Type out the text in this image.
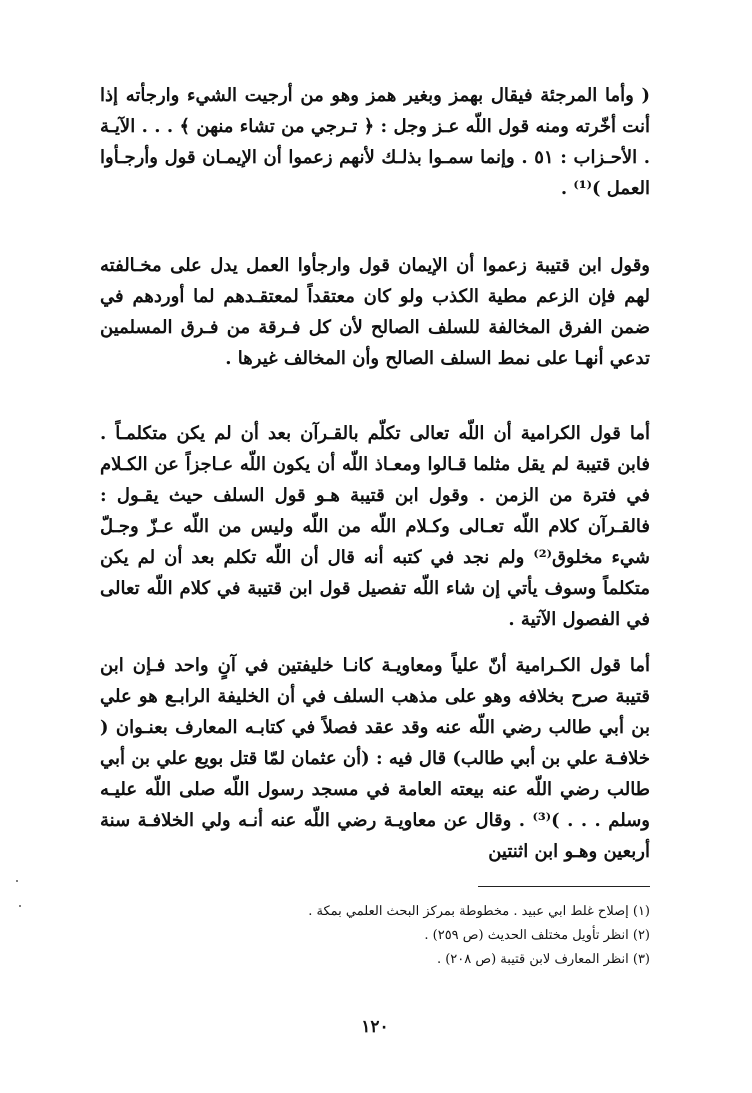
( وأما المرجئة فيقال بهمز وبغير همز وهو من أرجيت الشيء وارجأته إذا أنت أخّرته ومنه قول اللّه عـز وجل : ﴿ تـرجي من تشاء منهن ﴾ . . . الآيـة . الأحـزاب : ٥١ . وإنما سمـوا بذلـك لأنهم زعموا أن الإيمـان قول وأرجـأوا العمل )⁽¹⁾ .

وقول ابن قتيبة زعموا أن الإيمان قول وارجأوا العمل يدل على مخـالفته لهم فإن الزعم مطية الكذب ولو كان معتقداً لمعتقـدهم لما أوردهم في ضمن الفرق المخالفة للسلف الصالح لأن كل فـرقة من فـرق المسلمين تدعي أنهـا على نمط السلف الصالح وأن المخالف غيرها .

أما قول الكرامية أن اللّه تعالى تكلّم بالقـرآن بعد أن لم يكن متكلمـاً . فابن قتيبة لم يقل مثلما قـالوا ومعـاذ اللّه أن يكون اللّه عـاجزاً عن الكـلام في فترة من الزمن . وقول ابن قتيبة هـو قول السلف حيث يقـول : فالقـرآن كلام اللّه تعـالى وكـلام اللّه من اللّه وليس من اللّه عـزّ وجـلّ شيء مخلوق⁽²⁾ ولم نجد في كتبه أنه قال أن اللّه تكلم بعد أن لم يكن متكلماً وسوف يأتي إن شاء اللّه تفصيل قول ابن قتيبة في كلام اللّه تعالى في الفصول الآتية .

أما قول الكـرامية أنّ علياً ومعاويـة كانـا خليفتين في آنٍ واحد فـإن ابن قتيبة صرح بخلافه وهو على مذهب السلف في أن الخليفة الرابـع هو علي بن أبي طالب رضي اللّه عنه وقد عقد فصلاً في كتابـه المعارف بعنـوان ( خلافـة علي بن أبي طالب) قال فيه : (أن عثمان لمّا قتل بويع علي بن أبي طالب رضي اللّه عنه بيعته العامة في مسجد رسول اللّه صلى اللّه عليـه وسلم . . . )⁽³⁾ . وقال عن معاويـة رضي اللّه عنه أنـه ولي الخلافـة سنة أربعين وهـو ابن اثنتين

(١) إصلاح غلط ابي عبيد . مخطوطة بمركز البحث العلمي بمكة .
(٢) انظر تأويل مختلف الحديث (ص ٢٥٩) .
(٣) انظر المعارف لابن قتيبة (ص ٢٠٨) .
١٢٠
